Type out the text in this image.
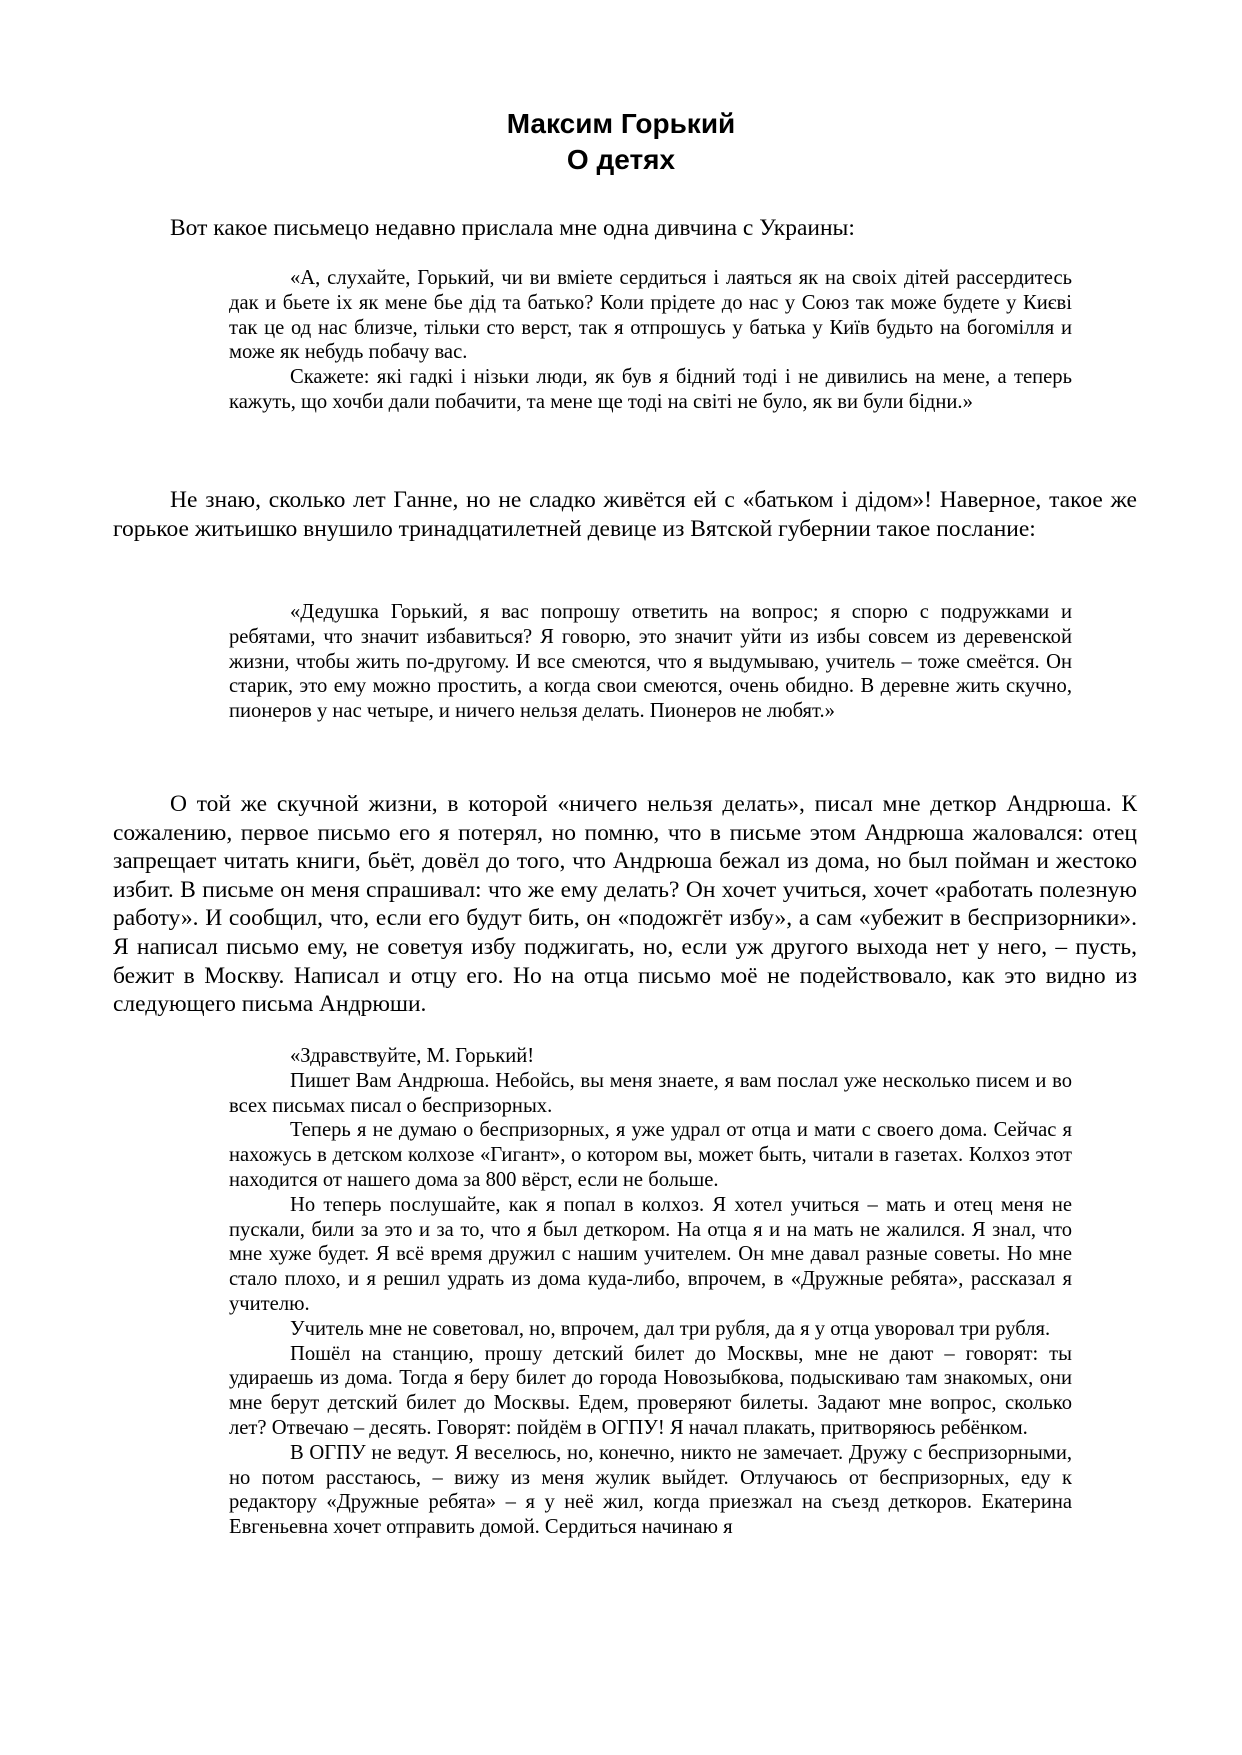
Максим Горький
О детях

Вот какое письмецо недавно прислала мне одна дивчина с Украины:

«А, слухайте, Горький, чи ви вміете сердиться і лаяться як на своіх дітей рассердитесь дак и бьете іх як мене бье дід та батько? Коли прідете до нас у Союз так може будете у Києві так це од нас близче, тільки сто верст, так я отпрошусь у батька у Київ будьто на богомілля и може як небудь побачу вас.

Скажете: які гадкі і нізьки люди, як був я бідний тоді і не дивились на мене, а теперь кажуть, що хочби дали побачити, та мене ще тоді на світі не було, як ви були бідни.»

Не знаю, сколько лет Ганне, но не сладко живётся ей с «батьком і дідом»! Наверное, такое же горькое житьишко внушило тринадцатилетней девице из Вятской губернии такое послание:

«Дедушка Горький, я вас попрошу ответить на вопрос; я спорю с подружками и ребятами, что значит избавиться? Я говорю, это значит уйти из избы совсем из деревенской жизни, чтобы жить по-другому. И все смеются, что я выдумываю, учитель – тоже смеётся. Он старик, это ему можно простить, а когда свои смеются, очень обидно. В деревне жить скучно, пионеров у нас четыре, и ничего нельзя делать. Пионеров не любят.»

О той же скучной жизни, в которой «ничего нельзя делать», писал мне деткор Андрюша. К сожалению, первое письмо его я потерял, но помню, что в письме этом Андрюша жаловался: отец запрещает читать книги, бьёт, довёл до того, что Андрюша бежал из дома, но был пойман и жестоко избит. В письме он меня спрашивал: что же ему делать? Он хочет учиться, хочет «работать полезную работу». И сообщил, что, если его будут бить, он «подожгёт избу», а сам «убежит в беспризорники». Я написал письмо ему, не советуя избу поджигать, но, если уж другого выхода нет у него, – пусть, бежит в Москву. Написал и отцу его. Но на отца письмо моё не подействовало, как это видно из следующего письма Андрюши.

«Здравствуйте, М. Горький!

Пишет Вам Андрюша. Небойсь, вы меня знаете, я вам послал уже несколько писем и во всех письмах писал о беспризорных.

Теперь я не думаю о беспризорных, я уже удрал от отца и мати с своего дома. Сейчас я нахожусь в детском колхозе «Гигант», о котором вы, может быть, читали в газетах. Колхоз этот находится от нашего дома за 800 вёрст, если не больше.

Но теперь послушайте, как я попал в колхоз. Я хотел учиться – мать и отец меня не пускали, били за это и за то, что я был деткором. На отца я и на мать не жалился. Я знал, что мне хуже будет. Я всё время дружил с нашим учителем. Он мне давал разные советы. Но мне стало плохо, и я решил удрать из дома куда-либо, впрочем, в «Дружные ребята», рассказал я учителю.

Учитель мне не советовал, но, впрочем, дал три рубля, да я у отца уворовал три рубля.

Пошёл на станцию, прошу детский билет до Москвы, мне не дают – говорят: ты удираешь из дома. Тогда я беру билет до города Новозыбкова, подыскиваю там знакомых, они мне берут детский билет до Москвы. Едем, проверяют билеты. Задают мне вопрос, сколько лет? Отвечаю – десять. Говорят: пойдём в ОГПУ! Я начал плакать, притворяюсь ребёнком.

В ОГПУ не ведут. Я веселюсь, но, конечно, никто не замечает. Дружу с беспризорными, но потом расстаюсь, – вижу из меня жулик выйдет. Отлучаюсь от беспризорных, еду к редактору «Дружные ребята» – я у неё жил, когда приезжал на съезд деткоров. Екатерина Евгеньевна хочет отправить домой. Сердиться начинаю я
